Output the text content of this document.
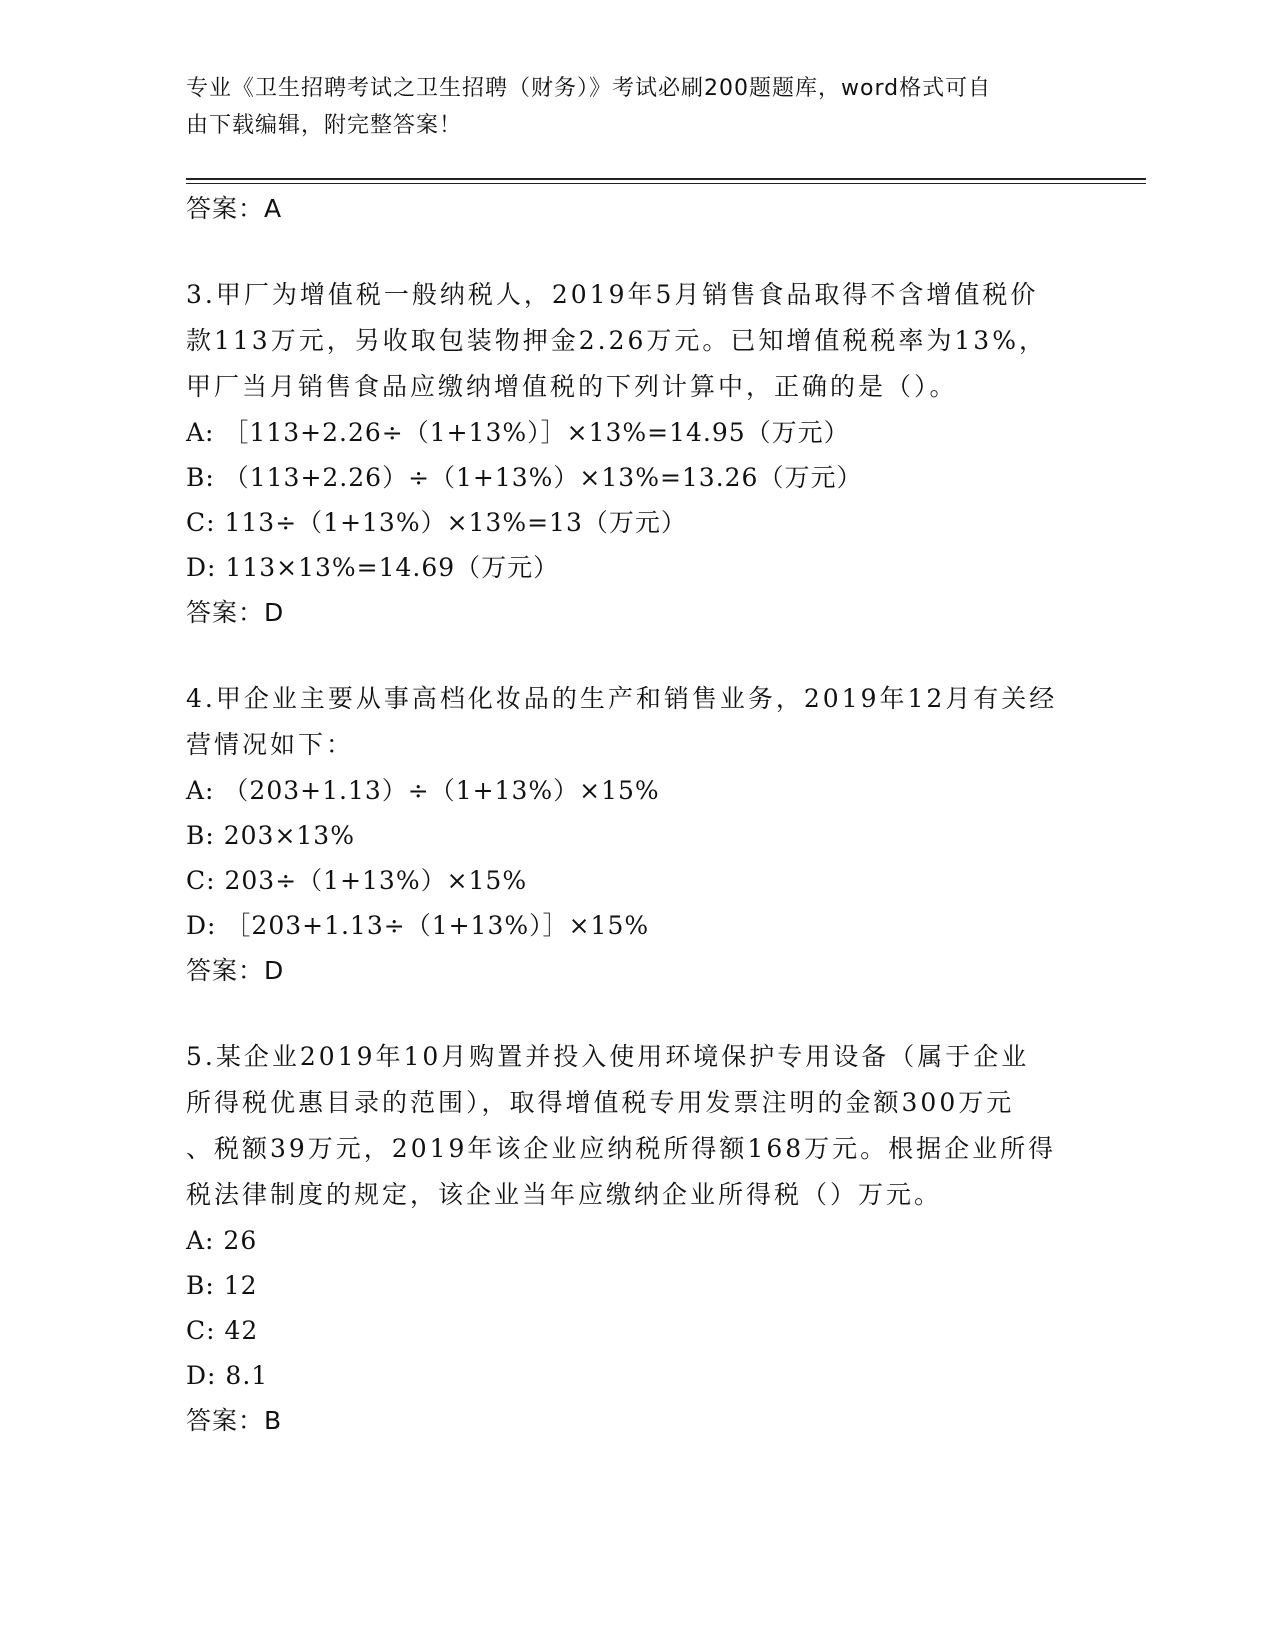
专业《卫生招聘考试之卫生招聘（财务）》考试必刷200题题库，word格式可自
由下载编辑，附完整答案！
答案：A
3.甲厂为增值税一般纳税人，2019年5月销售食品取得不含增值税价
款113万元，另收取包装物押金2.26万元。已知增值税税率为13%，
甲厂当月销售食品应缴纳增值税的下列计算中，正确的是（）。
A: ［113+2.26÷（1+13%）］×13%=14.95（万元）
B: （113+2.26）÷（1+13%）×13%=13.26（万元）
C: 113÷（1+13%）×13%=13（万元）
D: 113×13%=14.69（万元）
答案：D
4.甲企业主要从事高档化妆品的生产和销售业务，2019年12月有关经
营情况如下：
A: （203+1.13）÷（1+13%）×15%
B: 203×13%
C: 203÷（1+13%）×15%
D: ［203+1.13÷（1+13%）］×15%
答案：D
5.某企业2019年10月购置并投入使用环境保护专用设备（属于企业
所得税优惠目录的范围），取得增值税专用发票注明的金额300万元
、税额39万元，2019年该企业应纳税所得额168万元。根据企业所得
税法律制度的规定，该企业当年应缴纳企业所得税（）万元。
A: 26
B: 12
C: 42
D: 8.1
答案：B
